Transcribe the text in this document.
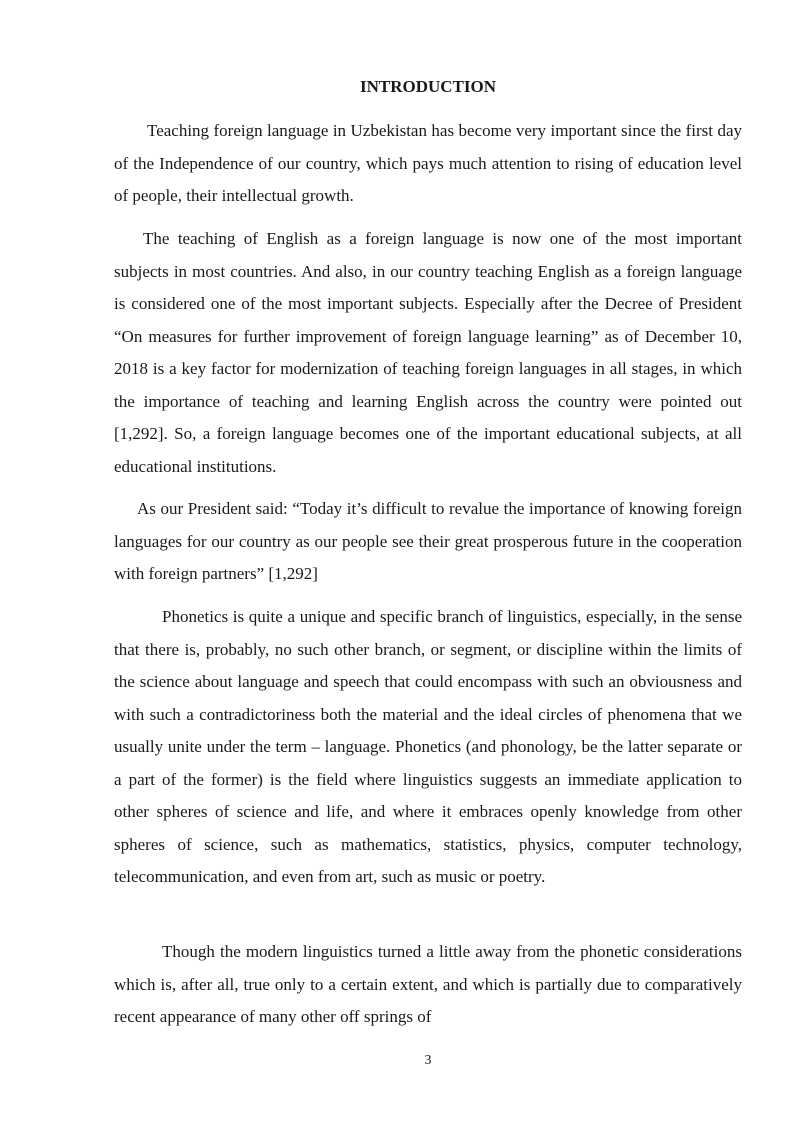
INTRODUCTION

Teaching foreign language in Uzbekistan has become very important since the first day of the Independence of our country, which pays much attention to rising of education level of people, their intellectual growth.

The teaching of English as a foreign language is now one of the most important subjects in most countries. And also, in our country teaching English as a foreign language is considered one of the most important subjects. Especially after the Decree of President “On measures for further improvement of foreign language learning” as of December 10, 2018 is a key factor for modernization of teaching foreign languages in all stages, in which the importance of teaching and learning English across the country were pointed out [1,292]. So, a foreign language becomes one of the important educational subjects, at all educational institutions.

As our President said: “Today it’s difficult to revalue the importance of knowing foreign languages for our country as our people see their great prosperous future in the cooperation with foreign partners” [1,292]

Phonetics is quite a unique and specific branch of linguistics, especially, in the sense that there is, probably, no such other branch, or segment, or discipline within the limits of the science about language and speech that could encompass with such an obviousness and with such a contradictoriness both the material and the ideal circles of phenomena that we usually unite under the term – language. Phonetics (and phonology, be the latter separate or a part of the former) is the field where linguistics suggests an immediate application to other spheres of science and life, and where it embraces openly knowledge from other spheres of science, such as mathematics, statistics, physics, computer technology, telecommunication, and even from art, such as music or poetry.

Though the modern linguistics turned a little away from the phonetic considerations which is, after all, true only to a certain extent, and which is partially due to comparatively recent appearance of many other off springs of

3
